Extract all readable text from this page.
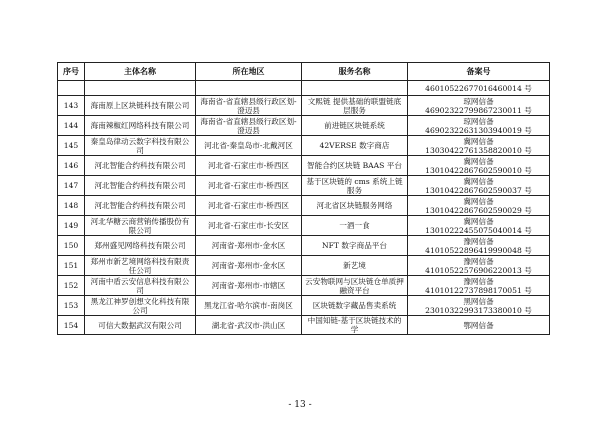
序号	主体名称	所在地区	服务名称	备案号
				46010522677016460014 号
143	海南原上区块链科技有限公司	海南省-省直辖县级行政区划-澄迈县	文熙链 提供基础的联盟链底层服务	琼网信备
46902322799867230011 号

144	海南辣椒红网络科技有限公司	海南省-省直辖县级行政区划-澄迈县	前进链区块链系统	琼网信备
46902322631303940019 号

145	秦皇岛律动云数字科技有限公司	河北省-秦皇岛市-北戴河区	42VERSE 数字商店	冀网信备
13030422761358820010 号

146	河北智能合约科技有限公司	河北省-石家庄市-桥西区	智能合约区块链 BAAS 平台	冀网信备
13010422867602590010 号

147	河北智能合约科技有限公司	河北省-石家庄市-桥西区	基于区块链的 cms 系统上链服务	冀网信备
13010422867602590037 号

148	河北智能合约科技有限公司	河北省-石家庄市-桥西区	河北省区块链服务网络	冀网信备
13010422867602590029 号

149	河北华糖云商营销传播股份有限公司	河北省-石家庄市-长安区	一酒一食	冀网信备
13010222455075040014 号

150	郑州盛见网络科技有限公司	河南省-郑州市-金水区	NFT 数字商品平台	豫网信备
41010522896419990048 号

151	郑州市新艺境网络科技有限责任公司	河南省-郑州市-金水区	新艺境	豫网信备
41010522576906220013 号

152	河南中盾云安信息科技有限公司	河南省-郑州市-市辖区	云安物联网与区块链仓单质押融资平台	豫网信备
41010122737898170051 号

153	黑龙江神罗创想文化科技有限公司	黑龙江省-哈尔滨市-南岗区	区块链数字藏品售卖系统	黑网信备
23010322993173380010 号

154	可信大数据武汉有限公司	湖北省-武汉市-洪山区	中国知链-基于区块链技术的学	鄂网信备
- 13 -
